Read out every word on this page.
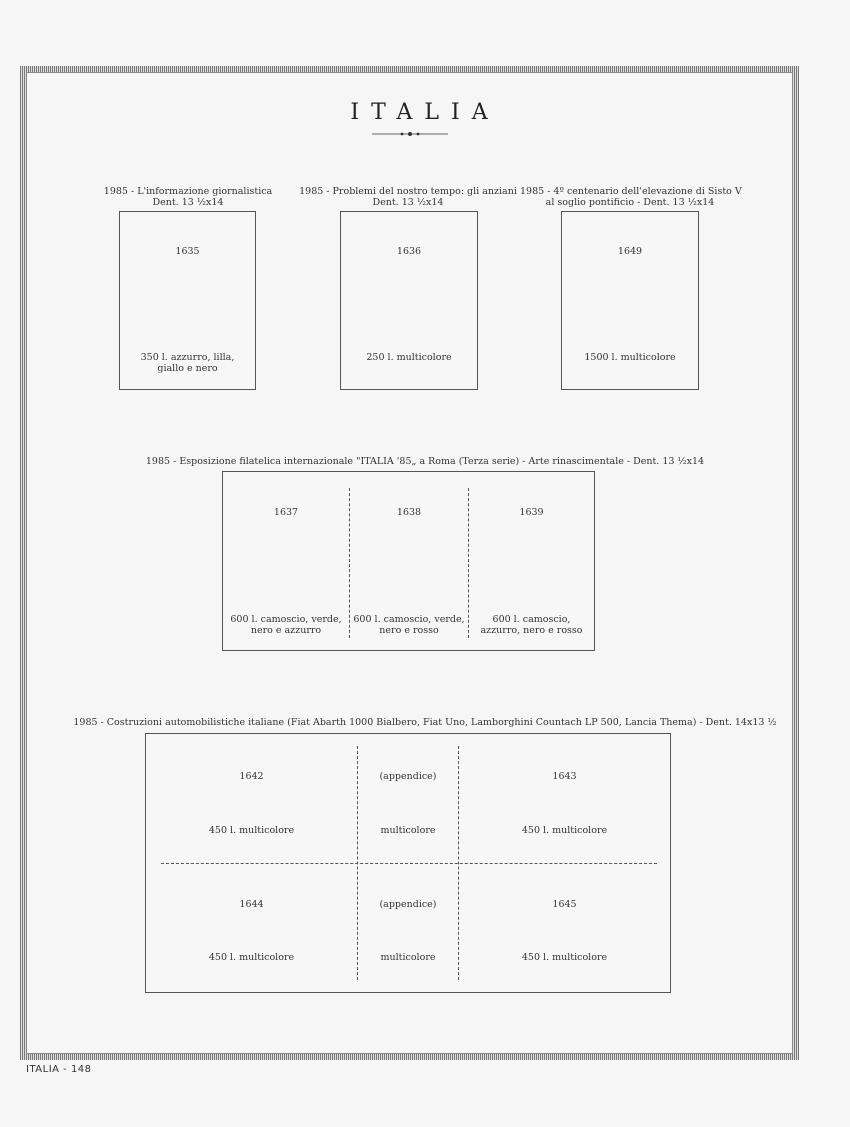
ITALIA
1985 - L'informazione giornalistica
Dent. 13 ½x14
1635
350 l. azzurro, lilla,
giallo e nero
1985 - Problemi del nostro tempo: gli anziani
Dent. 13 ½x14
1636
250 l. multicolore
1985 - 4º centenario dell'elevazione di Sisto V
al soglio pontificio - Dent. 13 ½x14
1649
1500 l. multicolore
1985 - Esposizione filatelica internazionale "ITALIA '85„ a Roma (Terza serie) - Arte rinascimentale - Dent. 13 ½x14
1637
600 l. camoscio, verde,
nero e azzurro
1638
600 l. camoscio, verde,
nero e rosso
1639
600 l. camoscio,
azzurro, nero e rosso
1985 - Costruzioni automobilistiche italiane (Fiat Abarth 1000 Bialbero, Fiat Uno, Lamborghini Countach LP 500, Lancia Thema) - Dent. 14x13 ½
1642
450 l. multicolore
(appendice)
multicolore
1643
450 l. multicolore
1644
450 l. multicolore
(appendice)
multicolore
1645
450 l. multicolore
ITALIA - 148
